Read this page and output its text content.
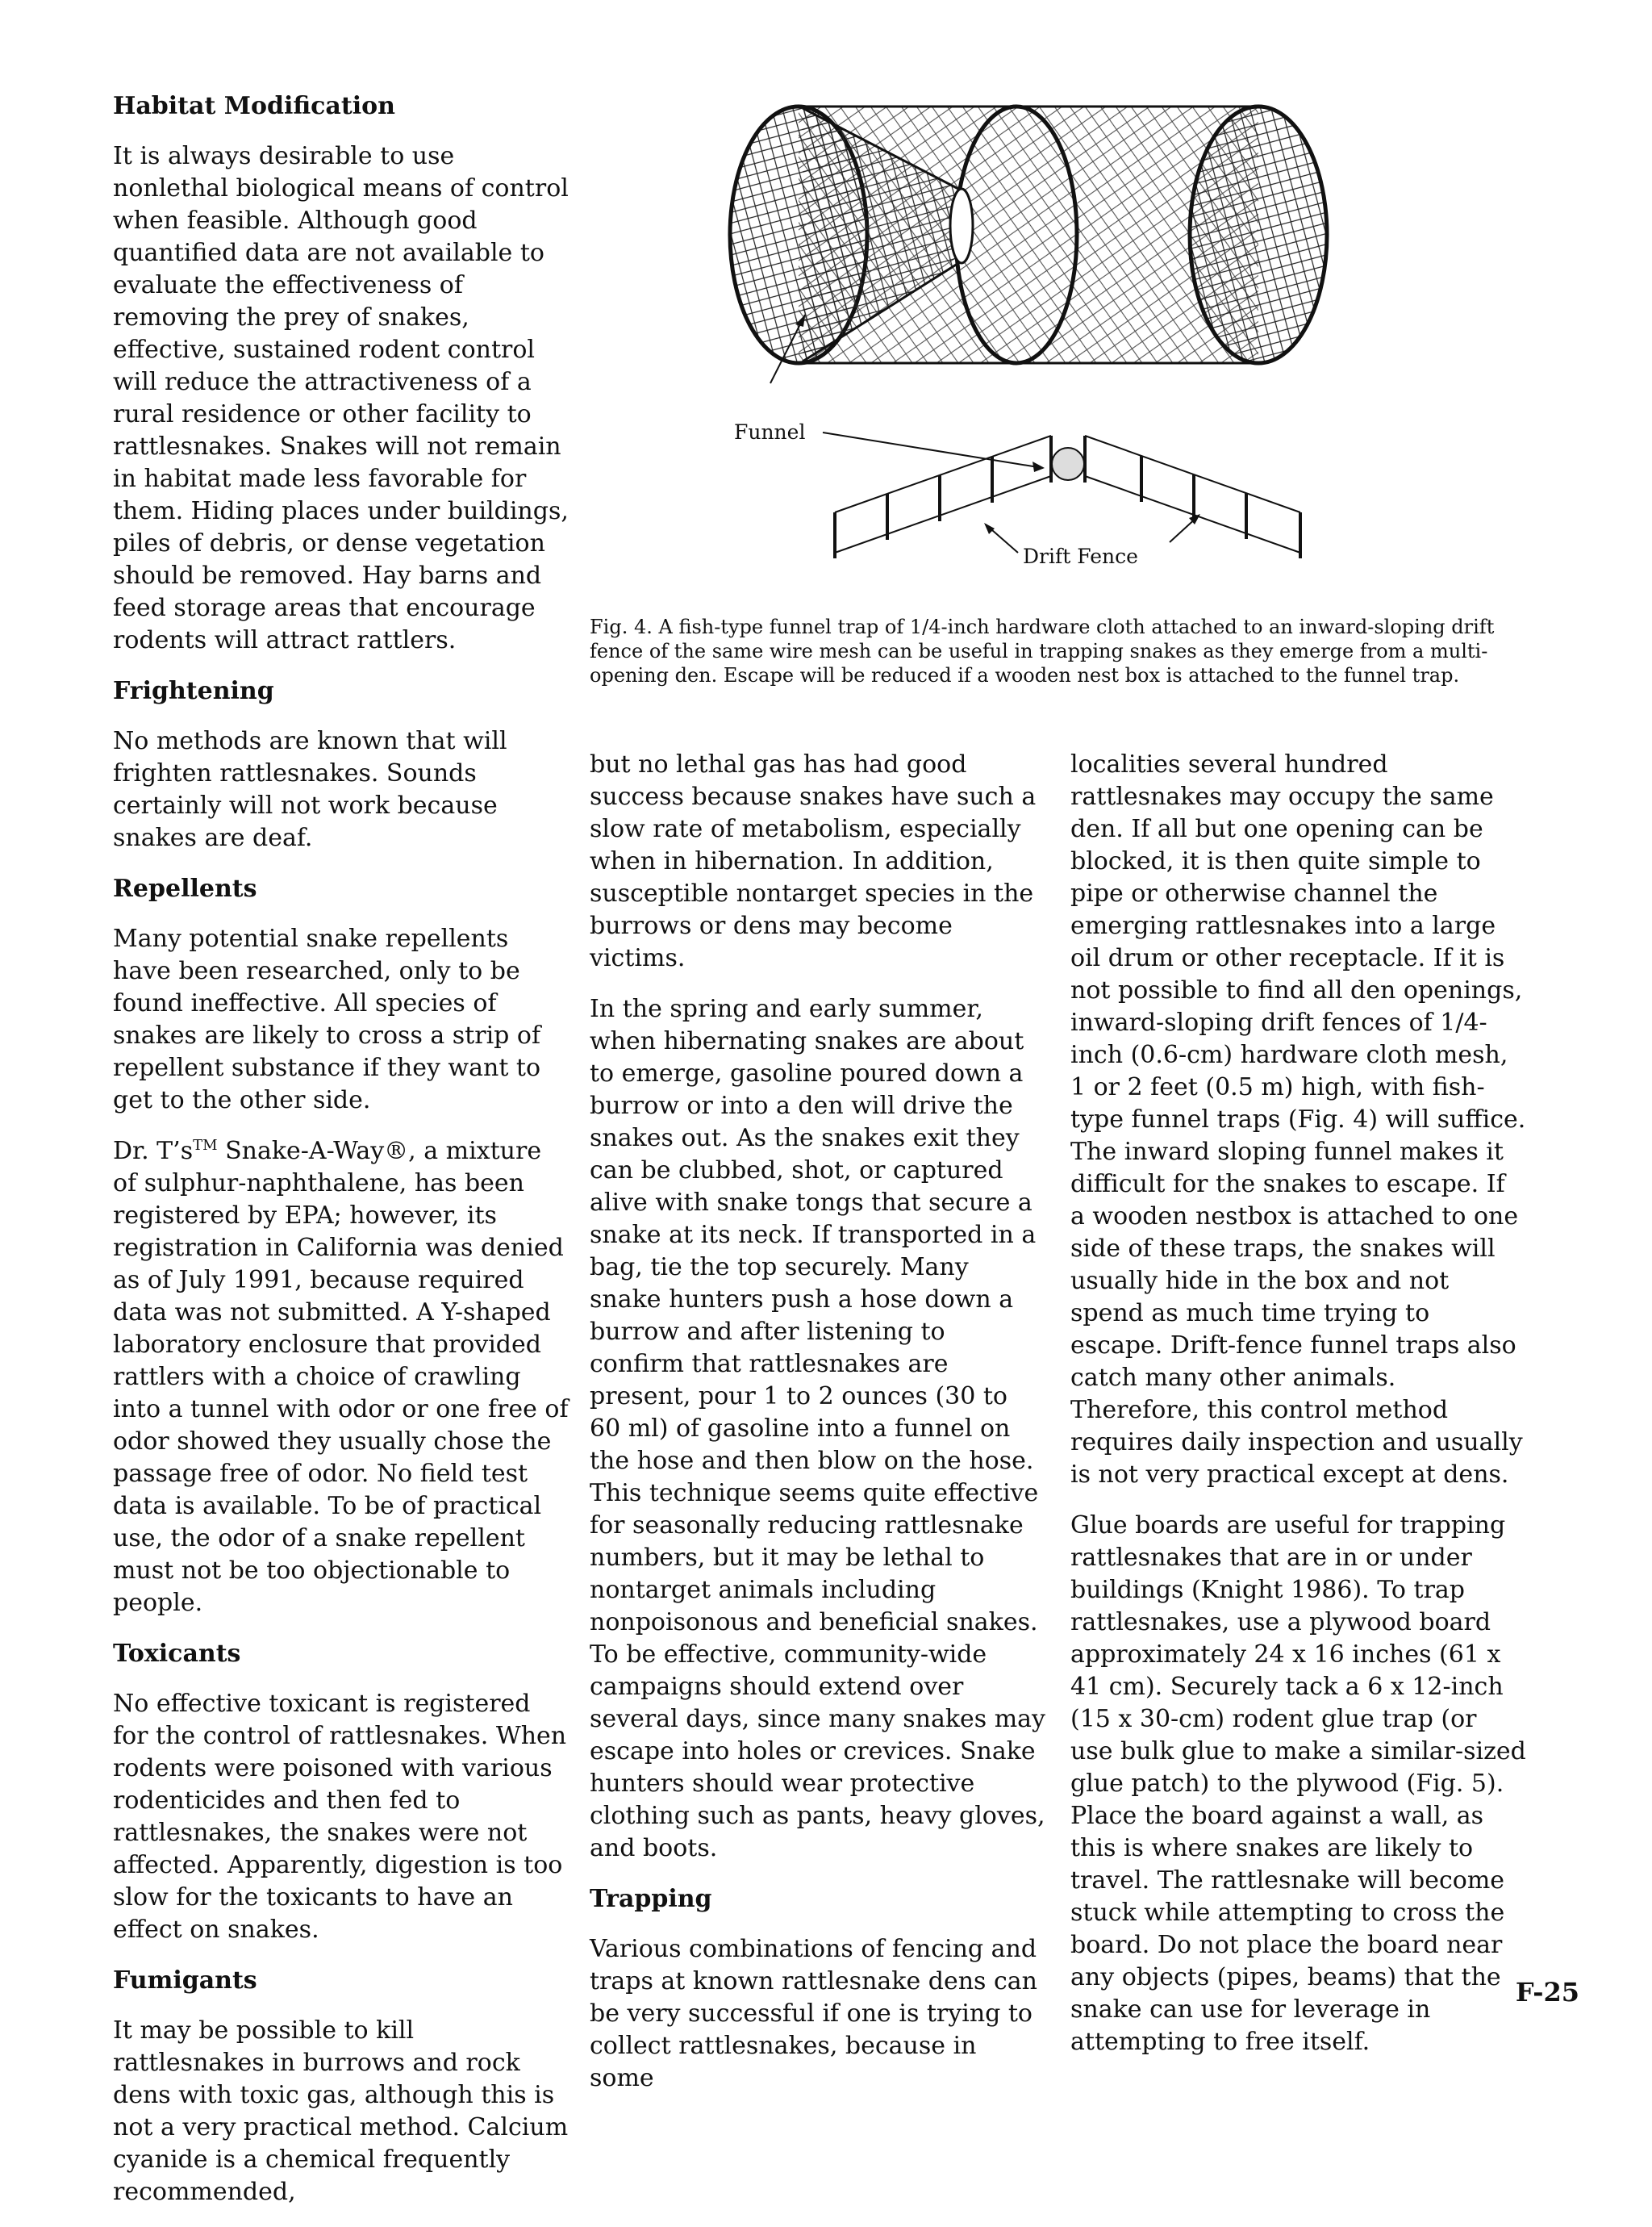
Habitat Modification

It is always desirable to use nonlethal biological means of control when feasible. Although good quantified data are not available to evaluate the effectiveness of removing the prey of snakes, effective, sustained rodent control will reduce the attractiveness of a rural residence or other facility to rattlesnakes. Snakes will not remain in habitat made less favorable for them. Hiding places under buildings, piles of debris, or dense vegetation should be removed. Hay barns and feed storage areas that encourage rodents will attract rattlers.

Frightening

No methods are known that will frighten rattlesnakes. Sounds certainly will not work because snakes are deaf.

Repellents

Many potential snake repellents have been researched, only to be found ineffective. All species of snakes are likely to cross a strip of repellent substance if they want to get to the other side.

Dr. T’s™ Snake-A-Way®, a mixture of sulphur-naphthalene, has been registered by EPA; however, its registration in California was denied as of July 1991, because required data was not submitted. A Y-shaped laboratory enclosure that provided rattlers with a choice of crawling into a tunnel with odor or one free of odor showed they usually chose the passage free of odor. No field test data is available. To be of practical use, the odor of a snake repellent must not be too objectionable to people.

Toxicants

No effective toxicant is registered for the control of rattlesnakes. When rodents were poisoned with various rodenticides and then fed to rattlesnakes, the snakes were not affected. Apparently, digestion is too slow for the toxicants to have an effect on snakes.

Fumigants

It may be possible to kill rattlesnakes in burrows and rock dens with toxic gas, although this is not a very practical method. Calcium cyanide is a chemical frequently recommended,

Funnel
Drift Fence
Fig. 4. A fish-type funnel trap of 1/4-inch hardware cloth attached to an inward-sloping drift fence of the same wire mesh can be useful in trapping snakes as they emerge from a multi-opening den. Escape will be reduced if a wooden nest box is attached to the funnel trap.

but no lethal gas has had good success because snakes have such a slow rate of metabolism, especially when in hibernation. In addition, susceptible nontarget species in the burrows or dens may become victims.

In the spring and early summer, when hibernating snakes are about to emerge, gasoline poured down a burrow or into a den will drive the snakes out. As the snakes exit they can be clubbed, shot, or captured alive with snake tongs that secure a snake at its neck. If transported in a bag, tie the top securely. Many snake hunters push a hose down a burrow and after listening to confirm that rattlesnakes are present, pour 1 to 2 ounces (30 to 60 ml) of gasoline into a funnel on the hose and then blow on the hose. This technique seems quite effective for seasonally reducing rattlesnake numbers, but it may be lethal to nontarget animals including nonpoisonous and beneficial snakes. To be effective, community-wide campaigns should extend over several days, since many snakes may escape into holes or crevices. Snake hunters should wear protective clothing such as pants, heavy gloves, and boots.

Trapping

Various combinations of fencing and traps at known rattlesnake dens can be very successful if one is trying to collect rattlesnakes, because in some

localities several hundred rattlesnakes may occupy the same den. If all but one opening can be blocked, it is then quite simple to pipe or otherwise channel the emerging rattlesnakes into a large oil drum or other receptacle. If it is not possible to find all den openings, inward-sloping drift fences of 1/4-inch (0.6-cm) hardware cloth mesh, 1 or 2 feet (0.5 m) high, with fish-type funnel traps (Fig. 4) will suffice. The inward sloping funnel makes it difficult for the snakes to escape. If a wooden nestbox is attached to one side of these traps, the snakes will usually hide in the box and not spend as much time trying to escape. Drift-fence funnel traps also catch many other animals. Therefore, this control method requires daily inspection and usually is not very practical except at dens.

Glue boards are useful for trapping rattlesnakes that are in or under buildings (Knight 1986). To trap rattlesnakes, use a plywood board approximately 24 x 16 inches (61 x 41 cm). Securely tack a 6 x 12-inch (15 x 30-cm) rodent glue trap (or use bulk glue to make a similar-sized glue patch) to the plywood (Fig. 5). Place the board against a wall, as this is where snakes are likely to travel. The rattlesnake will become stuck while attempting to cross the board. Do not place the board near any objects (pipes, beams) that the snake can use for leverage in attempting to free itself.

F-25
